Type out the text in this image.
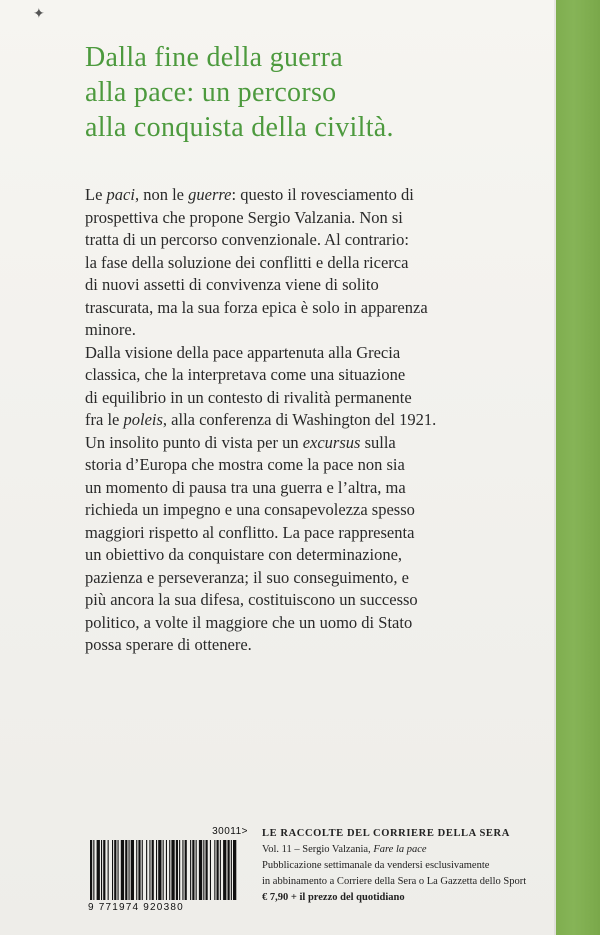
✦
Dalla fine della guerra
alla pace: un percorso
alla conquista della civiltà.
Le paci, non le guerre: questo il rovesciamento di
prospettiva che propone Sergio Valzania. Non si
tratta di un percorso convenzionale. Al contrario:
la fase della soluzione dei conflitti e della ricerca
di nuovi assetti di convivenza viene di solito
trascurata, ma la sua forza epica è solo in apparenza
minore.
Dalla visione della pace appartenuta alla Grecia
classica, che la interpretava come una situazione
di equilibrio in un contesto di rivalità permanente
fra le poleis, alla conferenza di Washington del 1921.
Un insolito punto di vista per un excursus sulla
storia d’Europa che mostra come la pace non sia
un momento di pausa tra una guerra e l’altra, ma
richieda un impegno e una consapevolezza spesso
maggiori rispetto al conflitto. La pace rappresenta
un obiettivo da conquistare con determinazione,
pazienza e perseveranza; il suo conseguimento, e
più ancora la sua difesa, costituiscono un successo
politico, a volte il maggiore che un uomo di Stato
possa sperare di ottenere.
30011>
9 771974 920380
LE RACCOLTE DEL CORRIERE DELLA SERA
Vol. 11 – Sergio Valzania, Fare la pace
Pubblicazione settimanale da vendersi esclusivamente
in abbinamento a Corriere della Sera o La Gazzetta dello Sport
€ 7,90 + il prezzo del quotidiano
